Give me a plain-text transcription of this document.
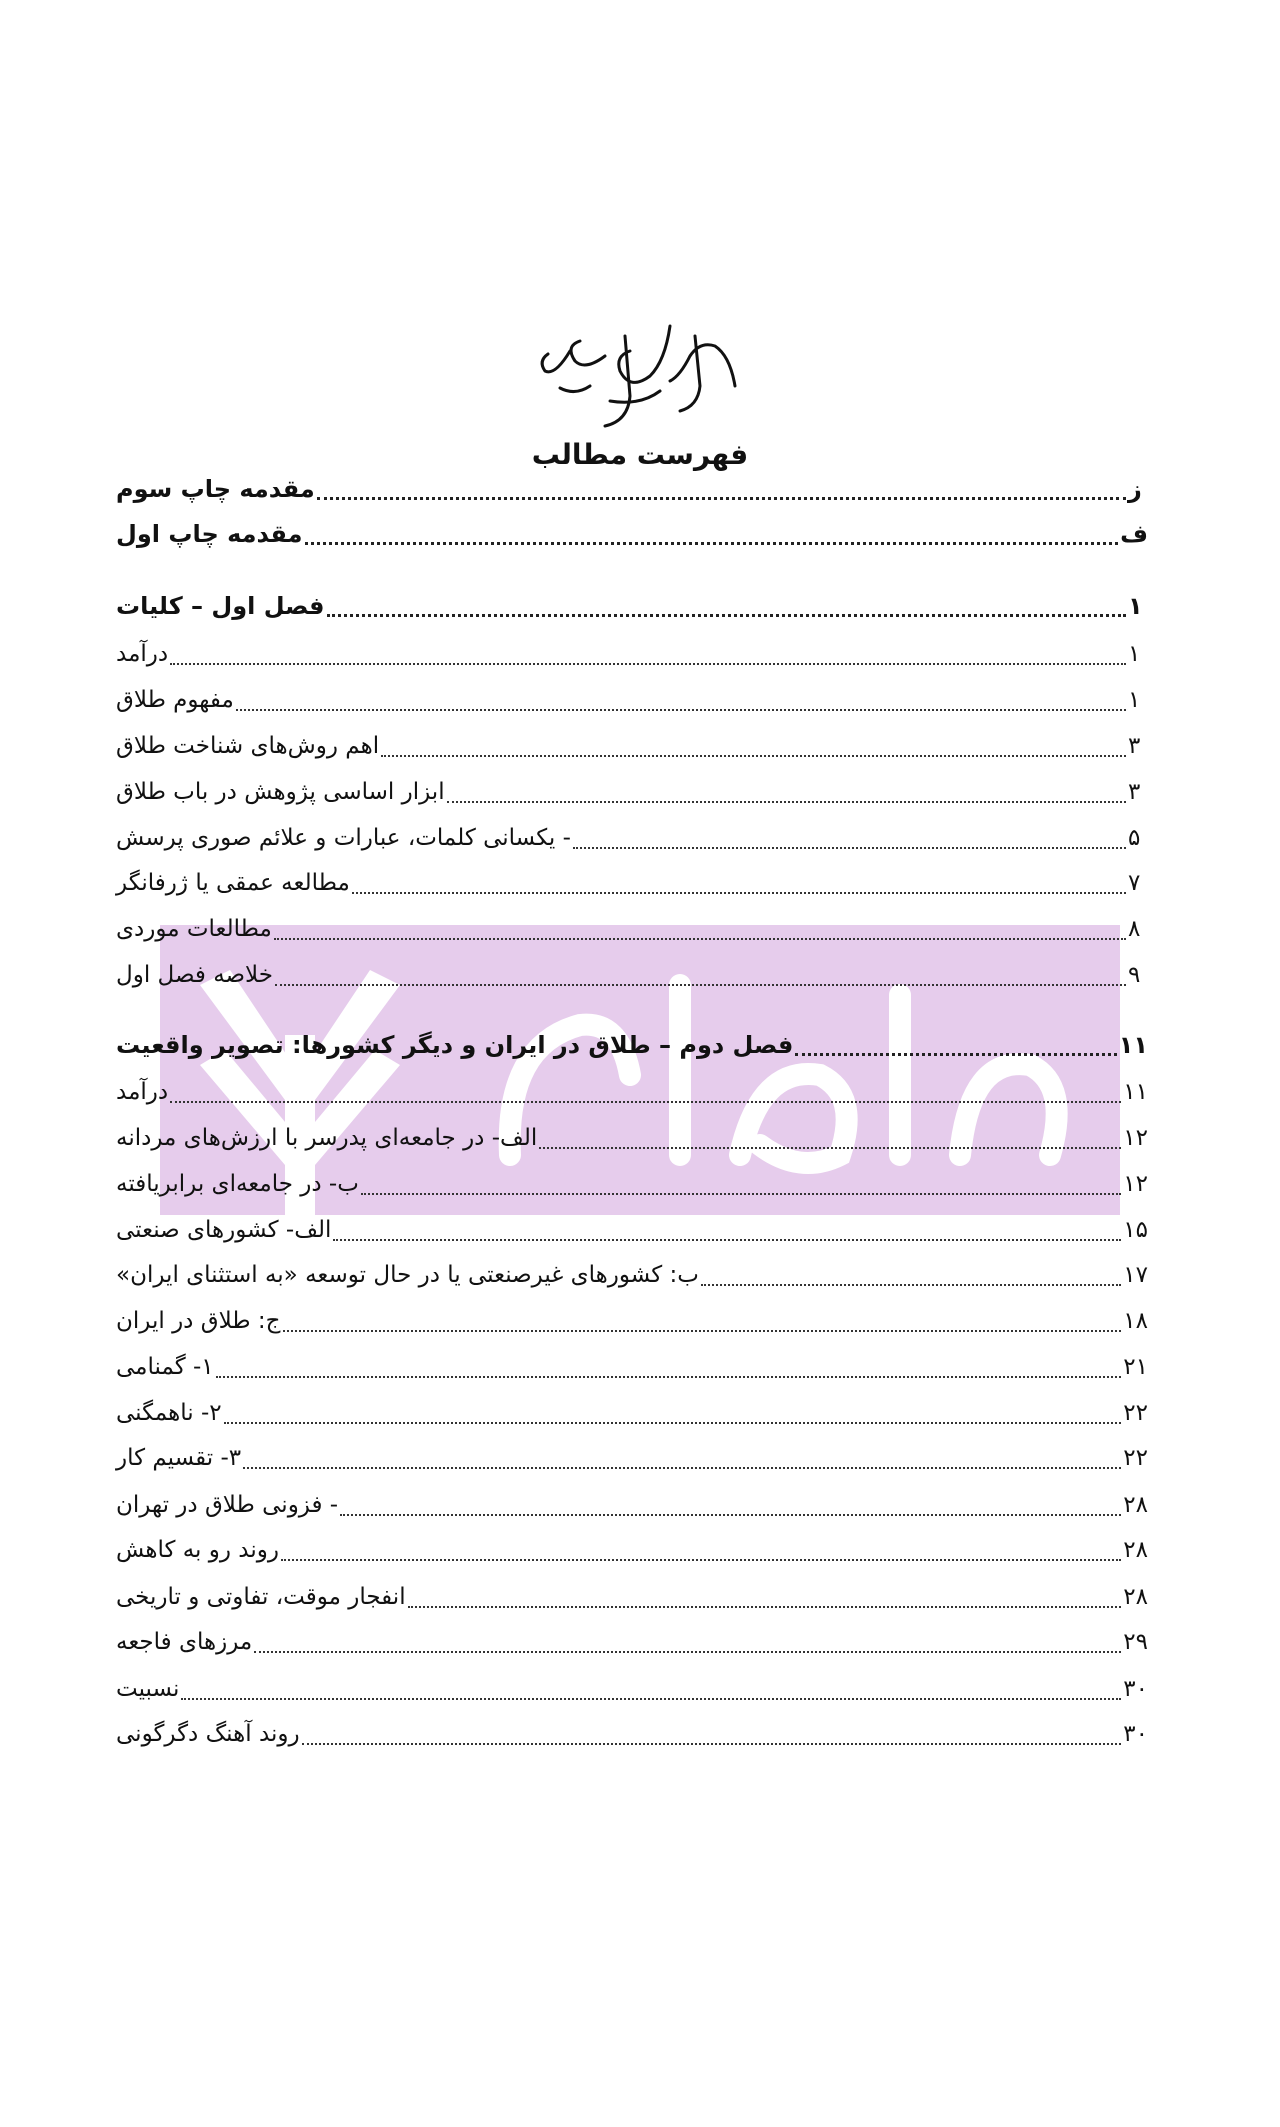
فهرست مطالب
مقدمه چاپ سوم	ز
مقدمه چاپ اول	ف
فصل اول – کلیات	۱
درآمد	۱
مفهوم طلاق	۱
اهم روش‌های شناخت طلاق	۳
ابزار اساسی پژوهش در باب طلاق	۳
- یکسانی کلمات، عبارات و علائم صوری پرسش	۵
مطالعه عمقی یا ژرفانگر	۷
مطالعات موردی	۸
خلاصه فصل اول	۹
فصل دوم – طلاق در ایران و دیگر کشورها: تصویر واقعیت	۱۱
درآمد	۱۱
الف- در جامعه‌ای پدرسر با ارزش‌های مردانه	۱۲
ب- در جامعه‌ای برابریافته	۱۲
الف- کشورهای صنعتی	۱۵
ب: کشورهای غیرصنعتی یا در حال توسعه «به استثنای ایران»	۱۷
ج: طلاق در ایران	۱۸
۱- گمنامی	۲۱
۲- ناهمگنی	۲۲
۳- تقسیم کار	۲۲
- فزونی طلاق در تهران	۲۸
روند رو به کاهش	۲۸
انفجار موقت، تفاوتی و تاریخی	۲۸
مرزهای فاجعه	۲۹
نسبیت	۳۰
روند آهنگ دگرگونی	۳۰
